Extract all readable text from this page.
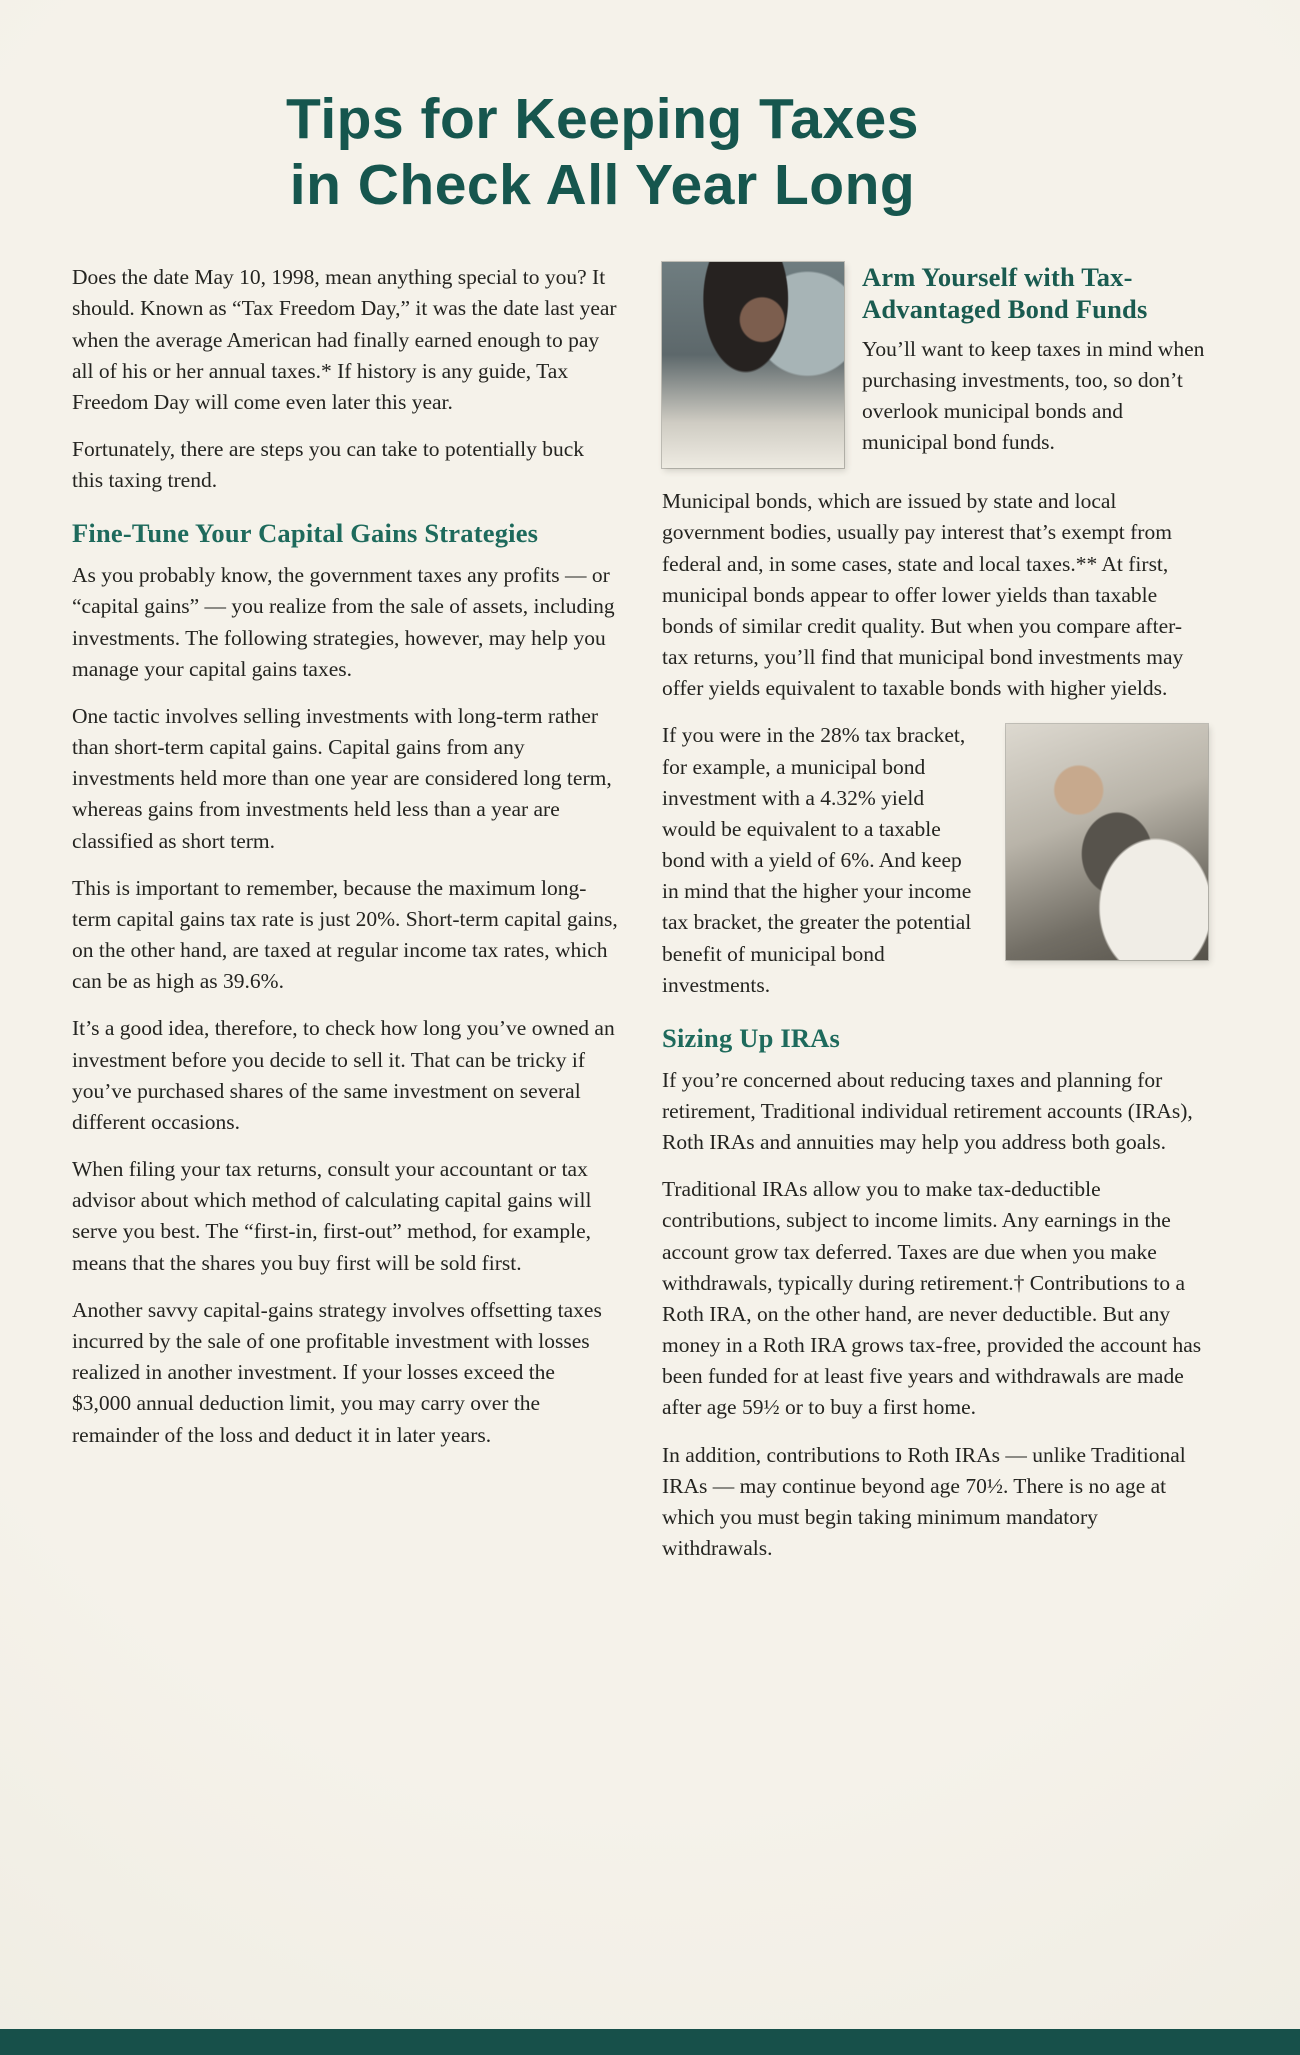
Tips for Keeping Taxes
in Check All Year Long

Does the date May 10, 1998, mean anything special to you? It should. Known as “Tax Freedom Day,” it was the date last year when the average American had finally earned enough to pay all of his or her annual taxes.* If history is any guide, Tax Freedom Day will come even later this year.

Fortunately, there are steps you can take to potentially buck this taxing trend.

Fine-Tune Your Capital Gains Strategies

As you probably know, the government taxes any profits — or “capital gains” — you realize from the sale of assets, including investments. The following strategies, however, may help you manage your capital gains taxes.

One tactic involves selling investments with long-term rather than short-term capital gains. Capital gains from any investments held more than one year are considered long term, whereas gains from investments held less than a year are classified as short term.

This is important to remember, because the maximum long-term capital gains tax rate is just 20%. Short-term capital gains, on the other hand, are taxed at regular income tax rates, which can be as high as 39.6%.

It’s a good idea, therefore, to check how long you’ve owned an investment before you decide to sell it. That can be tricky if you’ve purchased shares of the same investment on several different occasions.

When filing your tax returns, consult your accountant or tax advisor about which method of calculating capital gains will serve you best. The “first-in, first-out” method, for example, means that the shares you buy first will be sold first.

Another savvy capital-gains strategy involves offsetting taxes incurred by the sale of one profitable investment with losses realized in another investment. If your losses exceed the $3,000 annual deduction limit, you may carry over the remainder of the loss and deduct it in later years.

Arm Yourself with Tax-Advantaged Bond Funds

You’ll want to keep taxes in mind when purchasing investments, too, so don’t overlook municipal bonds and municipal bond funds.

Municipal bonds, which are issued by state and local government bodies, usually pay interest that’s exempt from federal and, in some cases, state and local taxes.** At first, municipal bonds appear to offer lower yields than taxable bonds of similar credit quality. But when you compare after-tax returns, you’ll find that municipal bond investments may offer yields equivalent to taxable bonds with higher yields.

If you were in the 28% tax bracket, for example, a municipal bond investment with a 4.32% yield would be equivalent to a taxable bond with a yield of 6%. And keep in mind that the higher your income tax bracket, the greater the potential benefit of municipal bond investments.

Sizing Up IRAs

If you’re concerned about reducing taxes and planning for retirement, Traditional individual retirement accounts (IRAs), Roth IRAs and annuities may help you address both goals.

Traditional IRAs allow you to make tax-deductible contributions, subject to income limits. Any earnings in the account grow tax deferred. Taxes are due when you make withdrawals, typically during retirement.† Contributions to a Roth IRA, on the other hand, are never deductible. But any money in a Roth IRA grows tax-free, provided the account has been funded for at least five years and withdrawals are made after age 59½ or to buy a first home.

In addition, contributions to Roth IRAs — unlike Traditional IRAs — may continue beyond age 70½. There is no age at which you must begin taking minimum mandatory withdrawals.
